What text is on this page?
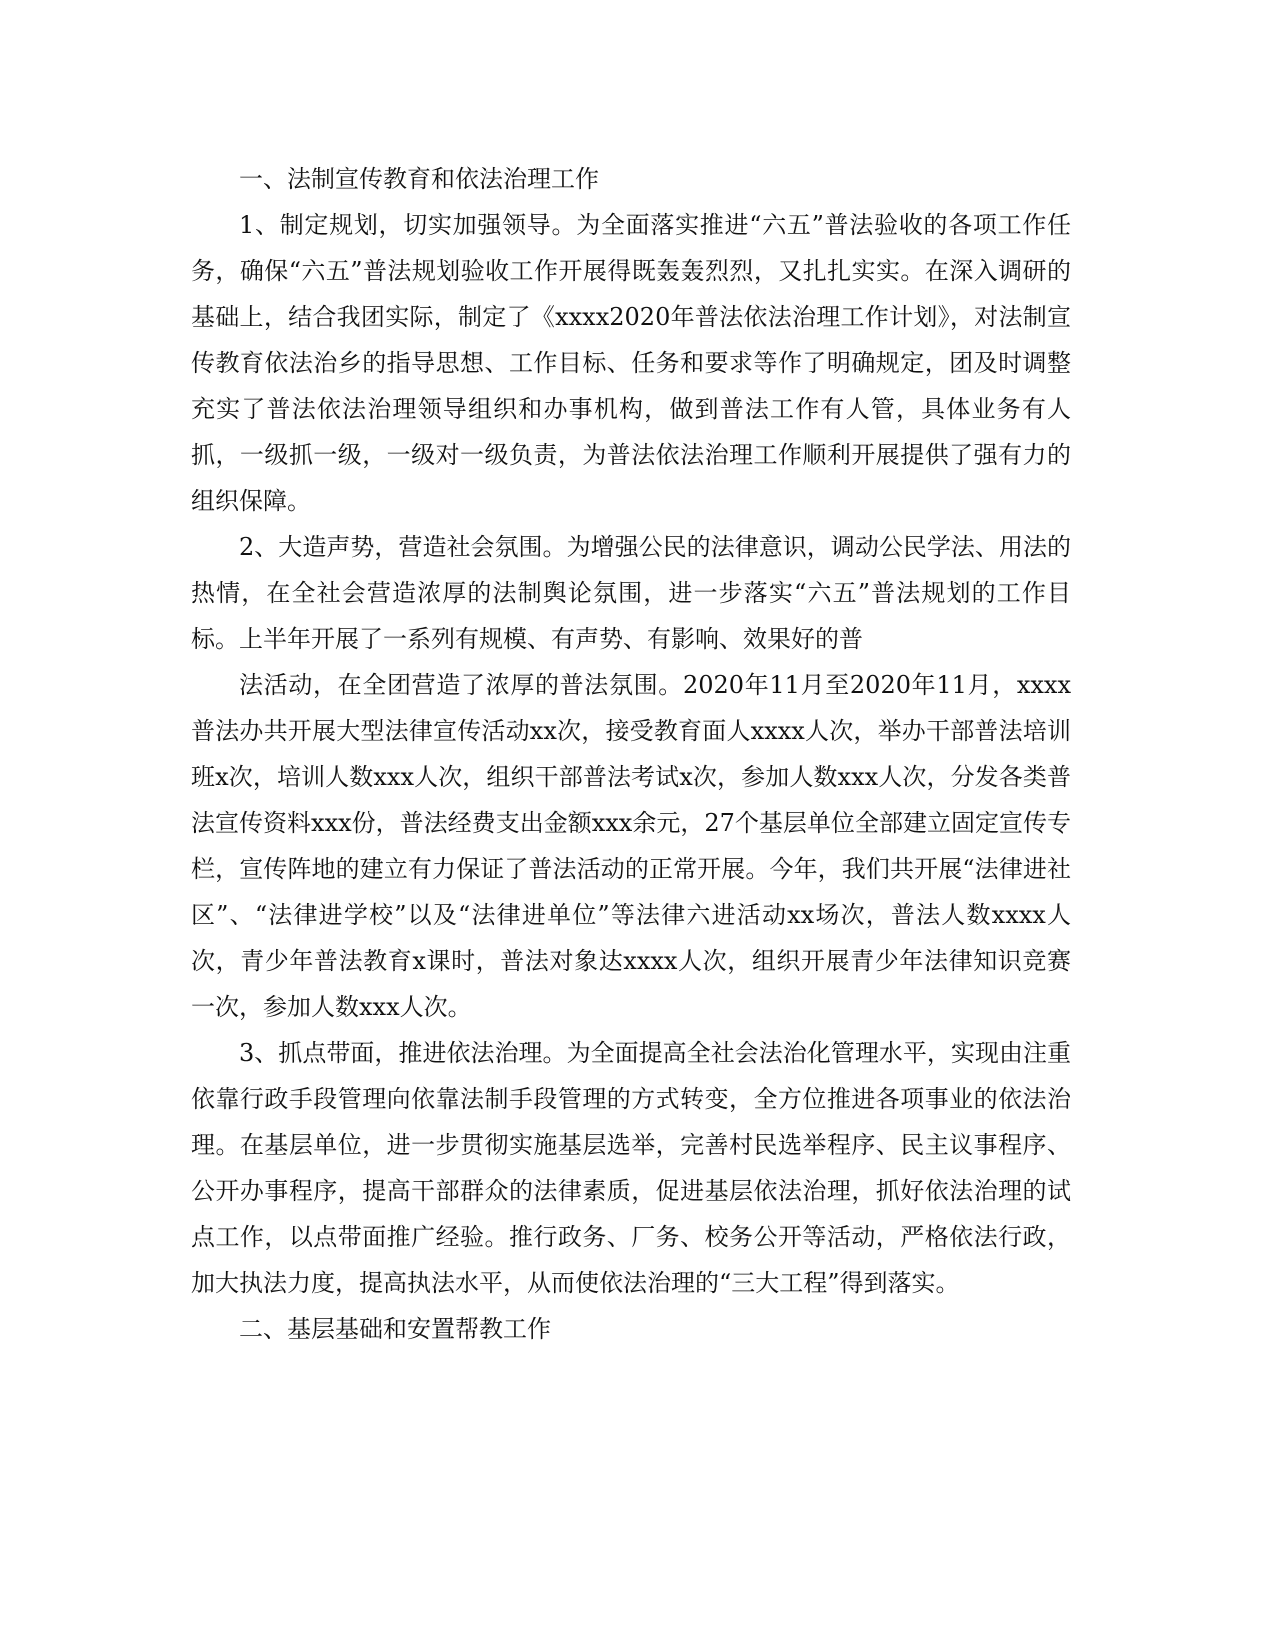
一、法制宣传教育和依法治理工作

1、制定规划，切实加强领导。为全面落实推进“六五”普法验收的各项工作任务，确保“六五”普法规划验收工作开展得既轰轰烈烈，又扎扎实实。在深入调研的基础上，结合我团实际，制定了《xxxx2020年普法依法治理工作计划》，对法制宣传教育依法治乡的指导思想、工作目标、任务和要求等作了明确规定，团及时调整充实了普法依法治理领导组织和办事机构，做到普法工作有人管，具体业务有人抓，一级抓一级，一级对一级负责，为普法依法治理工作顺利开展提供了强有力的组织保障。

2、大造声势，营造社会氛围。为增强公民的法律意识，调动公民学法、用法的热情，在全社会营造浓厚的法制舆论氛围，进一步落实“六五”普法规划的工作目标。上半年开展了一系列有规模、有声势、有影响、效果好的普

法活动，在全团营造了浓厚的普法氛围。2020年11月至2020年11月，xxxx普法办共开展大型法律宣传活动xx次，接受教育面人xxxx人次，举办干部普法培训班x次，培训人数xxx人次，组织干部普法考试x次，参加人数xxx人次，分发各类普法宣传资料xxx份，普法经费支出金额xxx余元，27个基层单位全部建立固定宣传专栏，宣传阵地的建立有力保证了普法活动的正常开展。今年，我们共开展“法律进社区”、“法律进学校”以及“法律进单位”等法律六进活动xx场次，普法人数xxxx人次，青少年普法教育x课时，普法对象达xxxx人次，组织开展青少年法律知识竞赛一次，参加人数xxx人次。

3、抓点带面，推进依法治理。为全面提高全社会法治化管理水平，实现由注重依靠行政手段管理向依靠法制手段管理的方式转变，全方位推进各项事业的依法治理。在基层单位，进一步贯彻实施基层选举，完善村民选举程序、民主议事程序、公开办事程序，提高干部群众的法律素质，促进基层依法治理，抓好依法治理的试点工作，以点带面推广经验。推行政务、厂务、校务公开等活动，严格依法行政，加大执法力度，提高执法水平，从而使依法治理的“三大工程”得到落实。

二、基层基础和安置帮教工作
